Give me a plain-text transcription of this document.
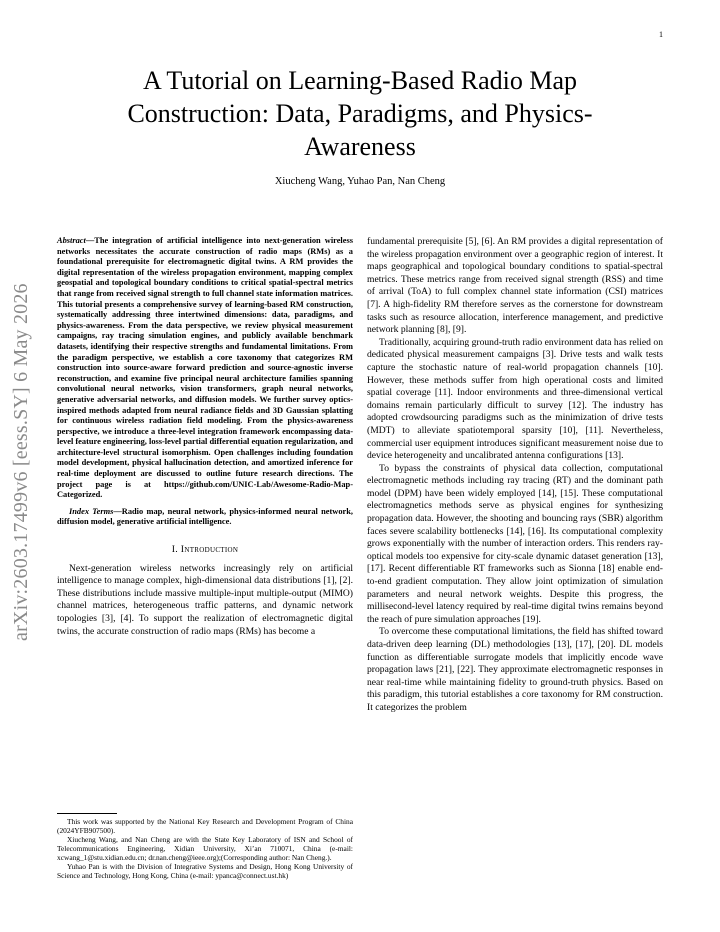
1
arXiv:2603.17499v6 [eess.SY] 6 May 2026
A Tutorial on Learning-Based Radio Map Construction: Data, Paradigms, and Physics-Awareness
Xiucheng Wang, Yuhao Pan, Nan Cheng

Abstract—The integration of artificial intelligence into next-generation wireless networks necessitates the accurate construction of radio maps (RMs) as a foundational prerequisite for electromagnetic digital twins. A RM provides the digital representation of the wireless propagation environment, mapping complex geospatial and topological boundary conditions to critical spatial-spectral metrics that range from received signal strength to full channel state information matrices. This tutorial presents a comprehensive survey of learning-based RM construction, systematically addressing three intertwined dimensions: data, paradigms, and physics-awareness. From the data perspective, we review physical measurement campaigns, ray tracing simulation engines, and publicly available benchmark datasets, identifying their respective strengths and fundamental limitations. From the paradigm perspective, we establish a core taxonomy that categorizes RM construction into source-aware forward prediction and source-agnostic inverse reconstruction, and examine five principal neural architecture families spanning convolutional neural networks, vision transformers, graph neural networks, generative adversarial networks, and diffusion models. We further survey optics-inspired methods adapted from neural radiance fields and 3D Gaussian splatting for continuous wireless radiation field modeling. From the physics-awareness perspective, we introduce a three-level integration framework encompassing data-level feature engineering, loss-level partial differential equation regularization, and architecture-level structural isomorphism. Open challenges including foundation model development, physical hallucination detection, and amortized inference for real-time deployment are discussed to outline future research directions. The project page is at https://github.com/UNIC-Lab/Awesome-Radio-Map-Categorized.

Index Terms—Radio map, neural network, physics-informed neural network, diffusion model, generative artificial intelligence.

I. Introduction

Next-generation wireless networks increasingly rely on artificial intelligence to manage complex, high-dimensional data distributions [1], [2]. These distributions include massive multiple-input multiple-output (MIMO) channel matrices, heterogeneous traffic patterns, and dynamic network topologies [3], [4]. To support the realization of electromagnetic digital twins, the accurate construction of radio maps (RMs) has become a

This work was supported by the National Key Research and Development Program of China (2024YFB907500).

Xiucheng Wang, and Nan Cheng are with the State Key Laboratory of ISN and School of Telecommunications Engineering, Xidian University, Xi’an 710071, China (e-mail: xcwang_1@stu.xidian.edu.cn; dr.nan.cheng@ieee.org);(Corresponding author: Nan Cheng.).

Yuhao Pan is with the Division of Integrative Systems and Design, Hong Kong University of Science and Technology, Hong Kong, China (e-mail: ypanca@connect.ust.hk)

fundamental prerequisite [5], [6]. An RM provides a digital representation of the wireless propagation environment over a geographic region of interest. It maps geographical and topological boundary conditions to spatial-spectral metrics. These metrics range from received signal strength (RSS) and time of arrival (ToA) to full complex channel state information (CSI) matrices [7]. A high-fidelity RM therefore serves as the cornerstone for downstream tasks such as resource allocation, interference management, and predictive network planning [8], [9].

Traditionally, acquiring ground-truth radio environment data has relied on dedicated physical measurement campaigns [3]. Drive tests and walk tests capture the stochastic nature of real-world propagation channels [10]. However, these methods suffer from high operational costs and limited spatial coverage [11]. Indoor environments and three-dimensional vertical domains remain particularly difficult to survey [12]. The industry has adopted crowdsourcing paradigms such as the minimization of drive tests (MDT) to alleviate spatiotemporal sparsity [10], [11]. Nevertheless, commercial user equipment introduces significant measurement noise due to device heterogeneity and uncalibrated antenna configurations [13].

To bypass the constraints of physical data collection, computational electromagnetic methods including ray tracing (RT) and the dominant path model (DPM) have been widely employed [14], [15]. These computational electromagnetics methods serve as physical engines for synthesizing propagation data. However, the shooting and bouncing rays (SBR) algorithm faces severe scalability bottlenecks [14], [16]. Its computational complexity grows exponentially with the number of interaction orders. This renders ray-optical models too expensive for city-scale dynamic dataset generation [13], [17]. Recent differentiable RT frameworks such as Sionna [18] enable end-to-end gradient computation. They allow joint optimization of simulation parameters and neural network weights. Despite this progress, the millisecond-level latency required by real-time digital twins remains beyond the reach of pure simulation approaches [19].

To overcome these computational limitations, the field has shifted toward data-driven deep learning (DL) methodologies [13], [17], [20]. DL models function as differentiable surrogate models that implicitly encode wave propagation laws [21], [22]. They approximate electromagnetic responses in near real-time while maintaining fidelity to ground-truth physics. Based on this paradigm, this tutorial establishes a core taxonomy for RM construction. It categorizes the problem
